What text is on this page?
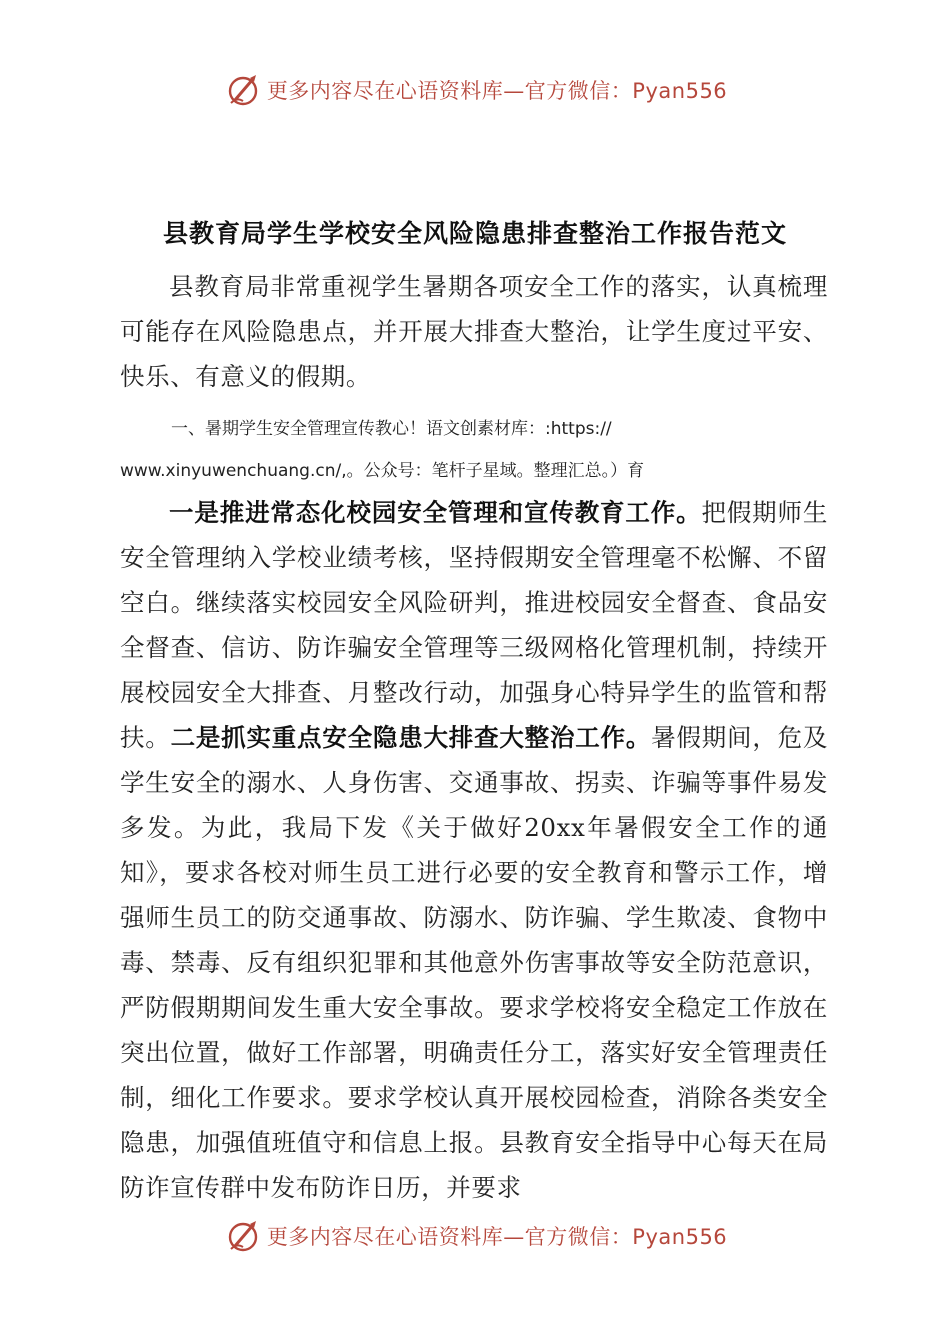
更多内容尽在心语资料库—官方微信：Pyan556
县教育局学生学校安全风险隐患排查整治工作报告范文

县教育局非常重视学生暑期各项安全工作的落实，认真梳理可能存在风险隐患点，并开展大排查大整治，让学生度过平安、快乐、有意义的假期。

一、暑期学生安全管理宣传教心！语文创素材库：:https://
www.xinyuwenchuang.cn/,。公众号：笔杆子星域。整理汇总。）育

一是推进常态化校园安全管理和宣传教育工作。把假期师生安全管理纳入学校业绩考核，坚持假期安全管理毫不松懈、不留空白。继续落实校园安全风险研判，推进校园安全督查、食品安全督查、信访、防诈骗安全管理等三级网格化管理机制，持续开展校园安全大排查、月整改行动，加强身心特异学生的监管和帮扶。二是抓实重点安全隐患大排查大整治工作。暑假期间，危及学生安全的溺水、人身伤害、交通事故、拐卖、诈骗等事件易发多发。为此，我局下发《关于做好20xx年暑假安全工作的通知》，要求各校对师生员工进行必要的安全教育和警示工作，增强师生员工的防交通事故、防溺水、防诈骗、学生欺凌、食物中毒、禁毒、反有组织犯罪和其他意外伤害事故等安全防范意识，严防假期期间发生重大安全事故。要求学校将安全稳定工作放在突出位置，做好工作部署，明确责任分工，落实好安全管理责任制，细化工作要求。要求学校认真开展校园检查，消除各类安全隐患，加强值班值守和信息上报。县教育安全指导中心每天在局防诈宣传群中发布防诈日历，并要求

更多内容尽在心语资料库—官方微信：Pyan556
